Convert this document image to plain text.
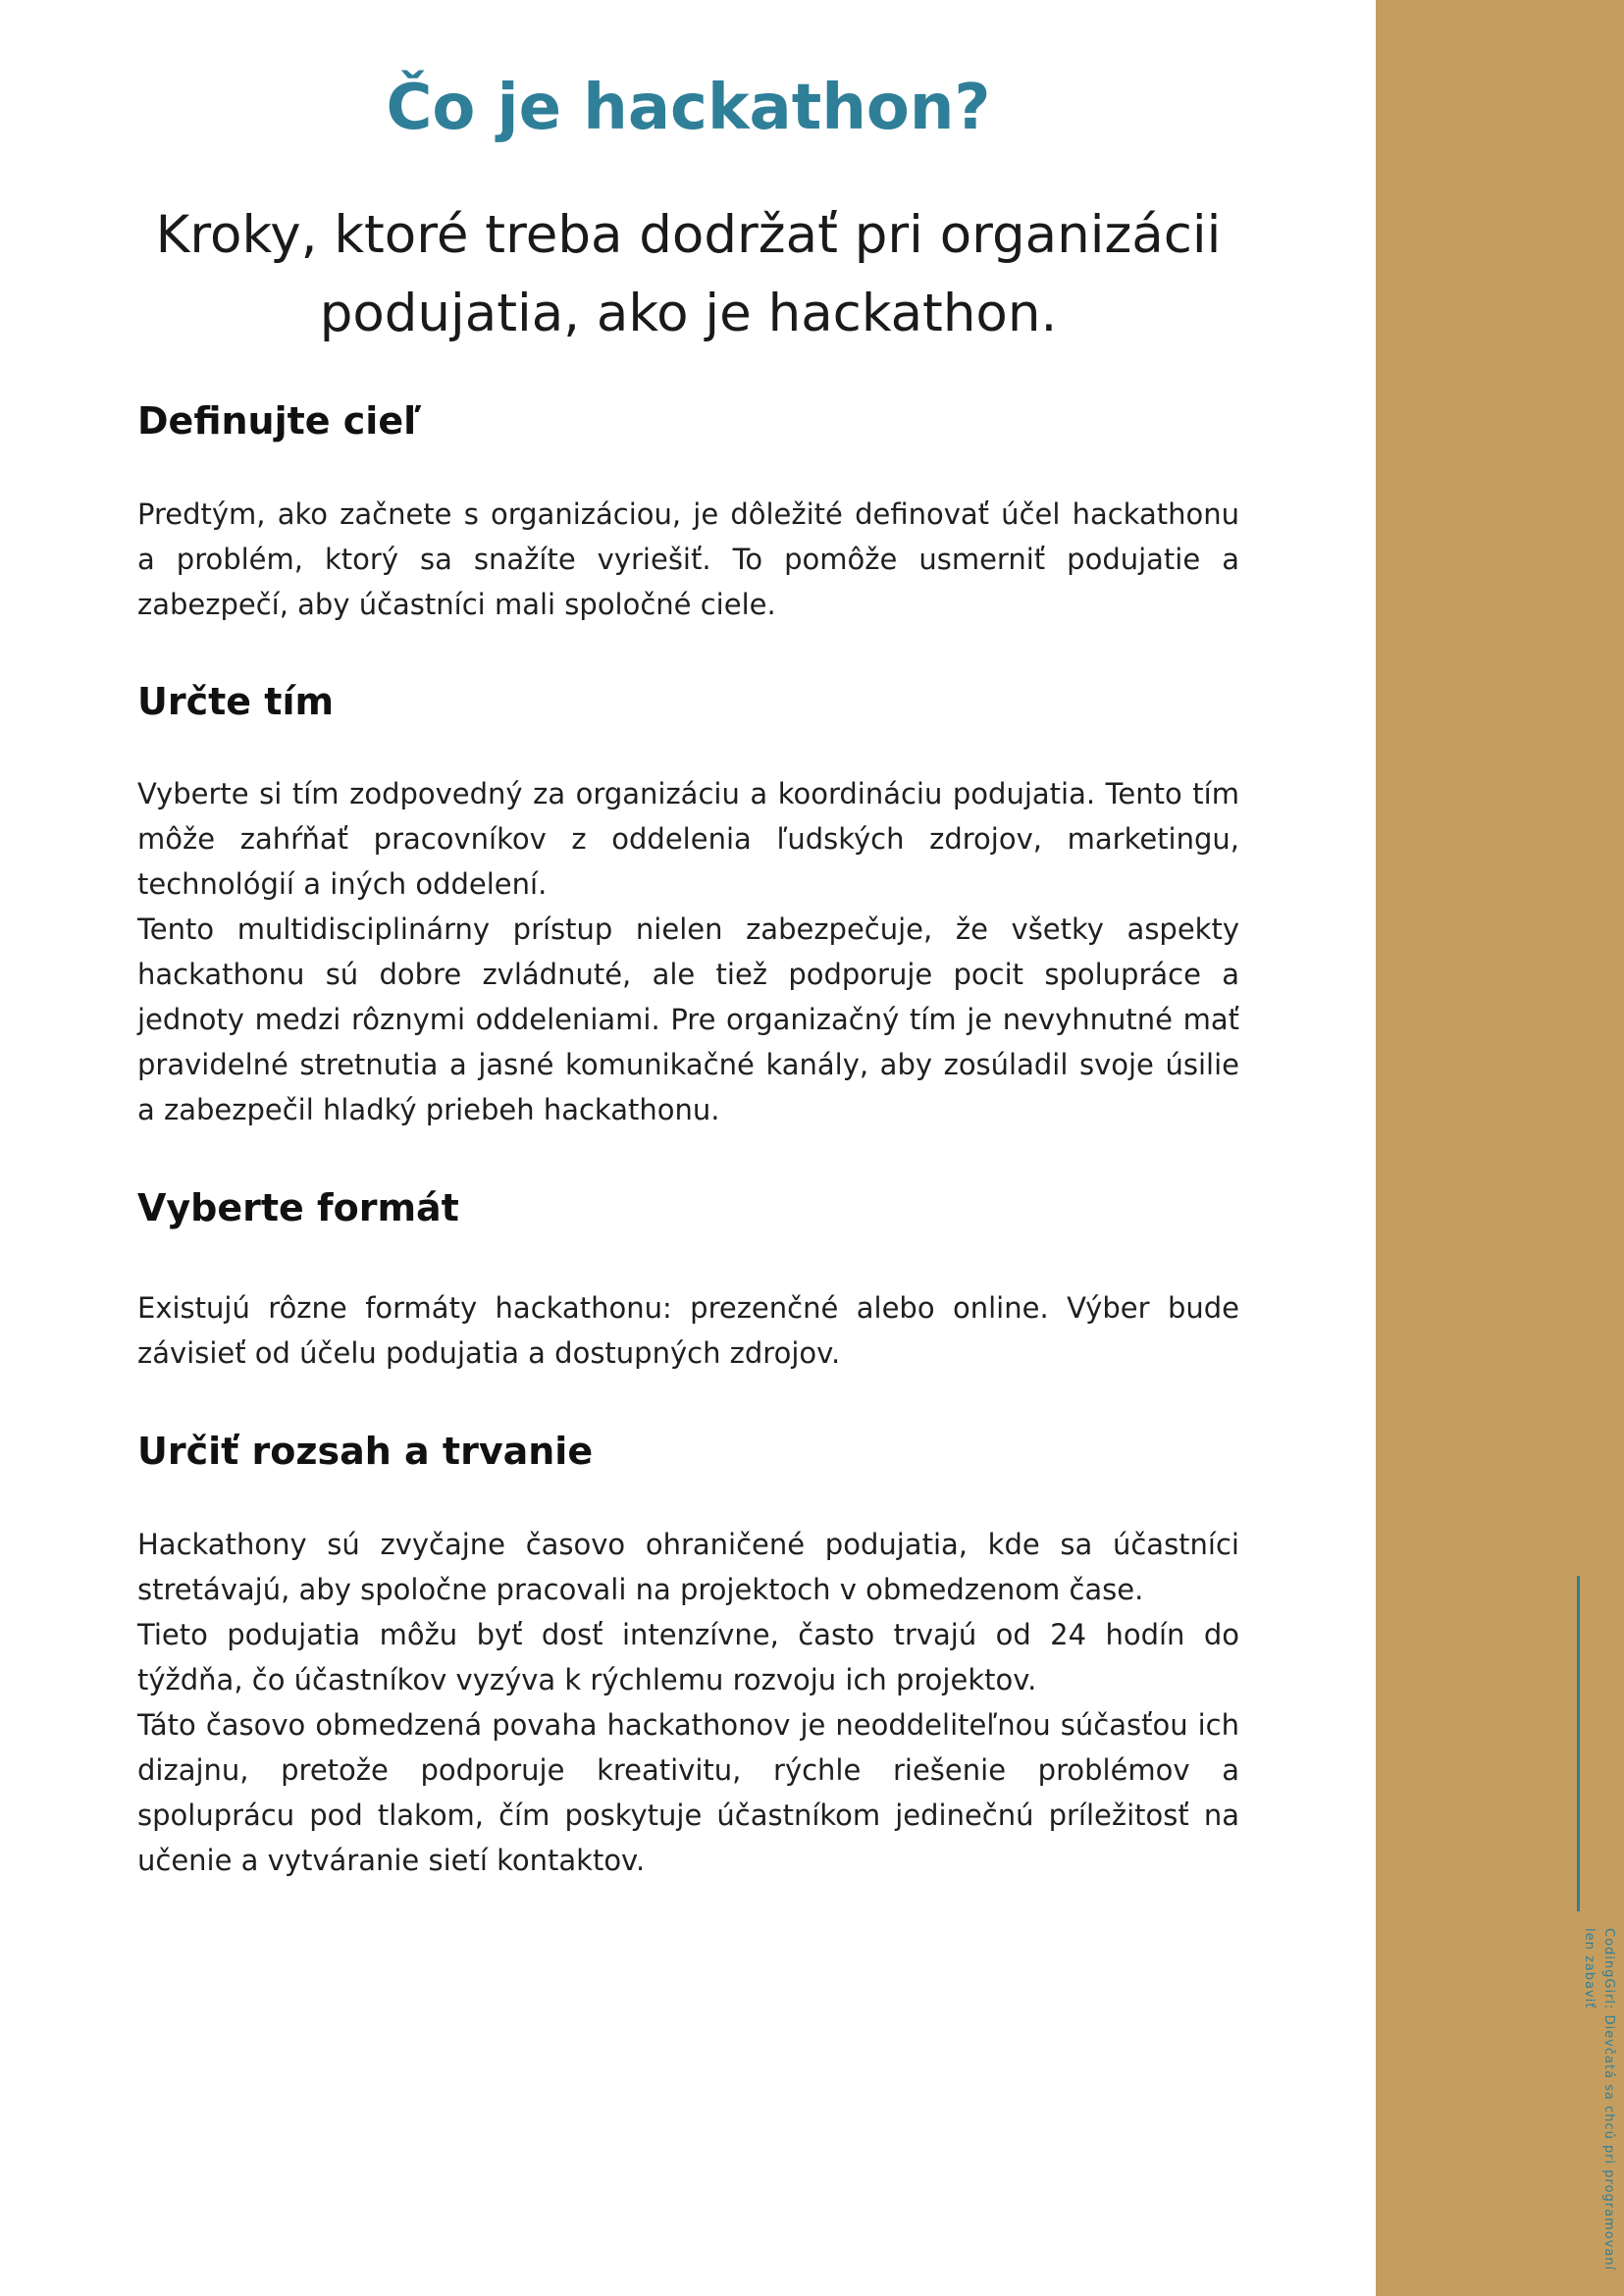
Čo je hackathon?
Kroky, ktoré treba dodržať pri organizácii
podujatia, ako je hackathon.
Definujte cieľ

Predtým, ako začnete s organizáciou, je dôležité definovať účel hackathonu a problém, ktorý sa snažíte vyriešiť. To pomôže usmerniť podujatie a zabezpečí, aby účastníci mali spoločné ciele.

Určte tím

Vyberte si tím zodpovedný za organizáciu a koordináciu podujatia. Tento tím môže zahŕňať pracovníkov z oddelenia ľudských zdrojov, marketingu, technológií a iných oddelení.

Tento multidisciplinárny prístup nielen zabezpečuje, že všetky aspekty hackathonu sú dobre zvládnuté, ale tiež podporuje pocit spolupráce a jednoty medzi rôznymi oddeleniami. Pre organizačný tím je nevyhnutné mať pravidelné stretnutia a jasné komunikačné kanály, aby zosúladil svoje úsilie a zabezpečil hladký priebeh hackathonu.

Vyberte formát

Existujú rôzne formáty hackathonu: prezenčné alebo online. Výber bude závisieť od účelu podujatia a dostupných zdrojov.

Určiť rozsah a trvanie

Hackathony sú zvyčajne časovo ohraničené podujatia, kde sa účastníci stretávajú, aby spoločne pracovali na projektoch v obmedzenom čase.

Tieto podujatia môžu byť dosť intenzívne, často trvajú od 24 hodín do týždňa, čo účastníkov vyzýva k rýchlemu rozvoju ich projektov.

Táto časovo obmedzená povaha hackathonov je neoddeliteľnou súčasťou ich dizajnu, pretože podporuje kreativitu, rýchle riešenie problémov a spoluprácu pod tlakom, čím poskytuje účastníkom jedinečnú príležitosť na učenie a vytváranie sietí kontaktov.

CodingGirl: Dievčatá sa chcú pri programovaní
len zabaviť
